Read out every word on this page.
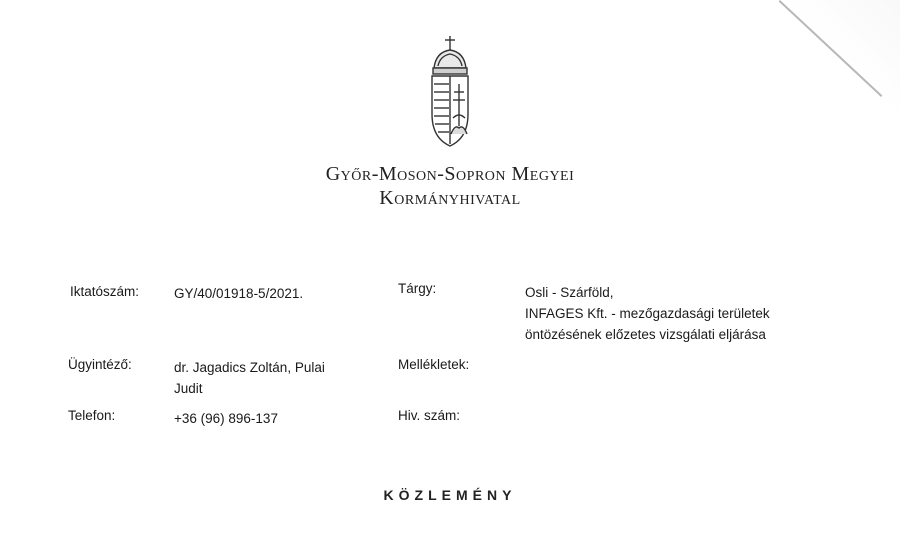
Győr-Moson-Sopron Megyei
Kormányhivatal
Iktatószám:	GY/40/01918-5/2021.
Ügyintéző:	dr. Jagadics Zoltán, Pulai
Judit
Telefon:	+36 (96) 896-137
Tárgy:	Osli - Szárföld,
INFAGES Kft. - mezőgazdasági területek
öntözésének előzetes vizsgálati eljárása
Mellékletek:
Hiv. szám:
KÖZLEMÉNY
